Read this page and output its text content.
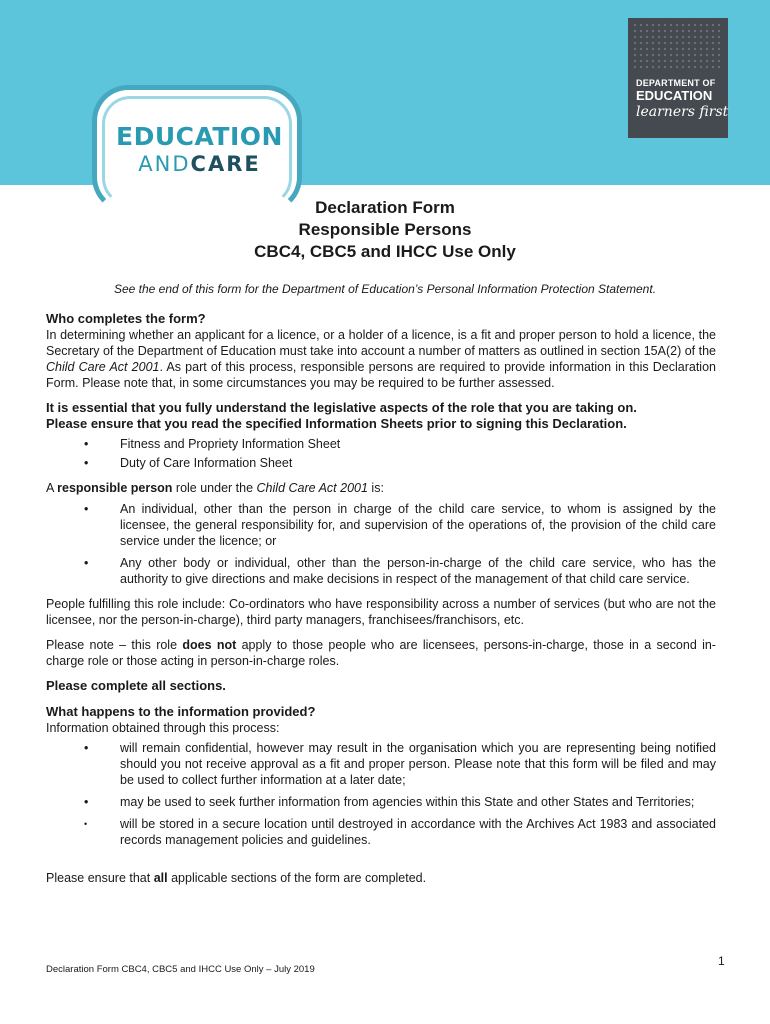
EDUCATION
ANDCARE
DEPARTMENT OF
EDUCATION
learners first
Declaration Form
Responsible Persons
CBC4, CBC5 and IHCC Use Only
See the end of this form for the Department of Education’s Personal Information Protection Statement.

Who completes the form?

In determining whether an applicant for a licence, or a holder of a licence, is a fit and proper person to hold a licence, the Secretary of the Department of Education must take into account a number of matters as outlined in section 15A(2) of the Child Care Act 2001. As part of this process, responsible persons are required to provide information in this Declaration Form. Please note that, in some circumstances you may be required to be further assessed.

It is essential that you fully understand the legislative aspects of the role that you are taking on.
Please ensure that you read the specified Information Sheets prior to signing this Declaration.

•	Fitness and Propriety Information Sheet
•	Duty of Care Information Sheet

A responsible person role under the Child Care Act 2001 is:

•	An individual, other than the person in charge of the child care service, to whom is assigned by the licensee, the general responsibility for, and supervision of the operations of, the provision of the child care service under the licence; or
•	Any other body or individual, other than the person-in-charge of the child care service, who has the authority to give directions and make decisions in respect of the management of that child care service.

People fulfilling this role include: Co-ordinators who have responsibility across a number of services (but who are not the licensee, nor the person-in-charge), third party managers, franchisees/franchisors, etc.

Please note – this role does not apply to those people who are licensees, persons-in-charge, those in a second in-charge role or those acting in person-in-charge roles.

Please complete all sections.

What happens to the information provided?

Information obtained through this process:

•	will remain confidential, however may result in the organisation which you are representing being notified should you not receive approval as a fit and proper person. Please note that this form will be filed and may be used to collect further information at a later date;
•	may be used to seek further information from agencies within this State and other States and Territories;
•	will be stored in a secure location until destroyed in accordance with the Archives Act 1983 and associated records management policies and guidelines.

Please ensure that all applicable sections of the form are completed.

1
Declaration Form CBC4, CBC5 and IHCC Use Only – July 2019
